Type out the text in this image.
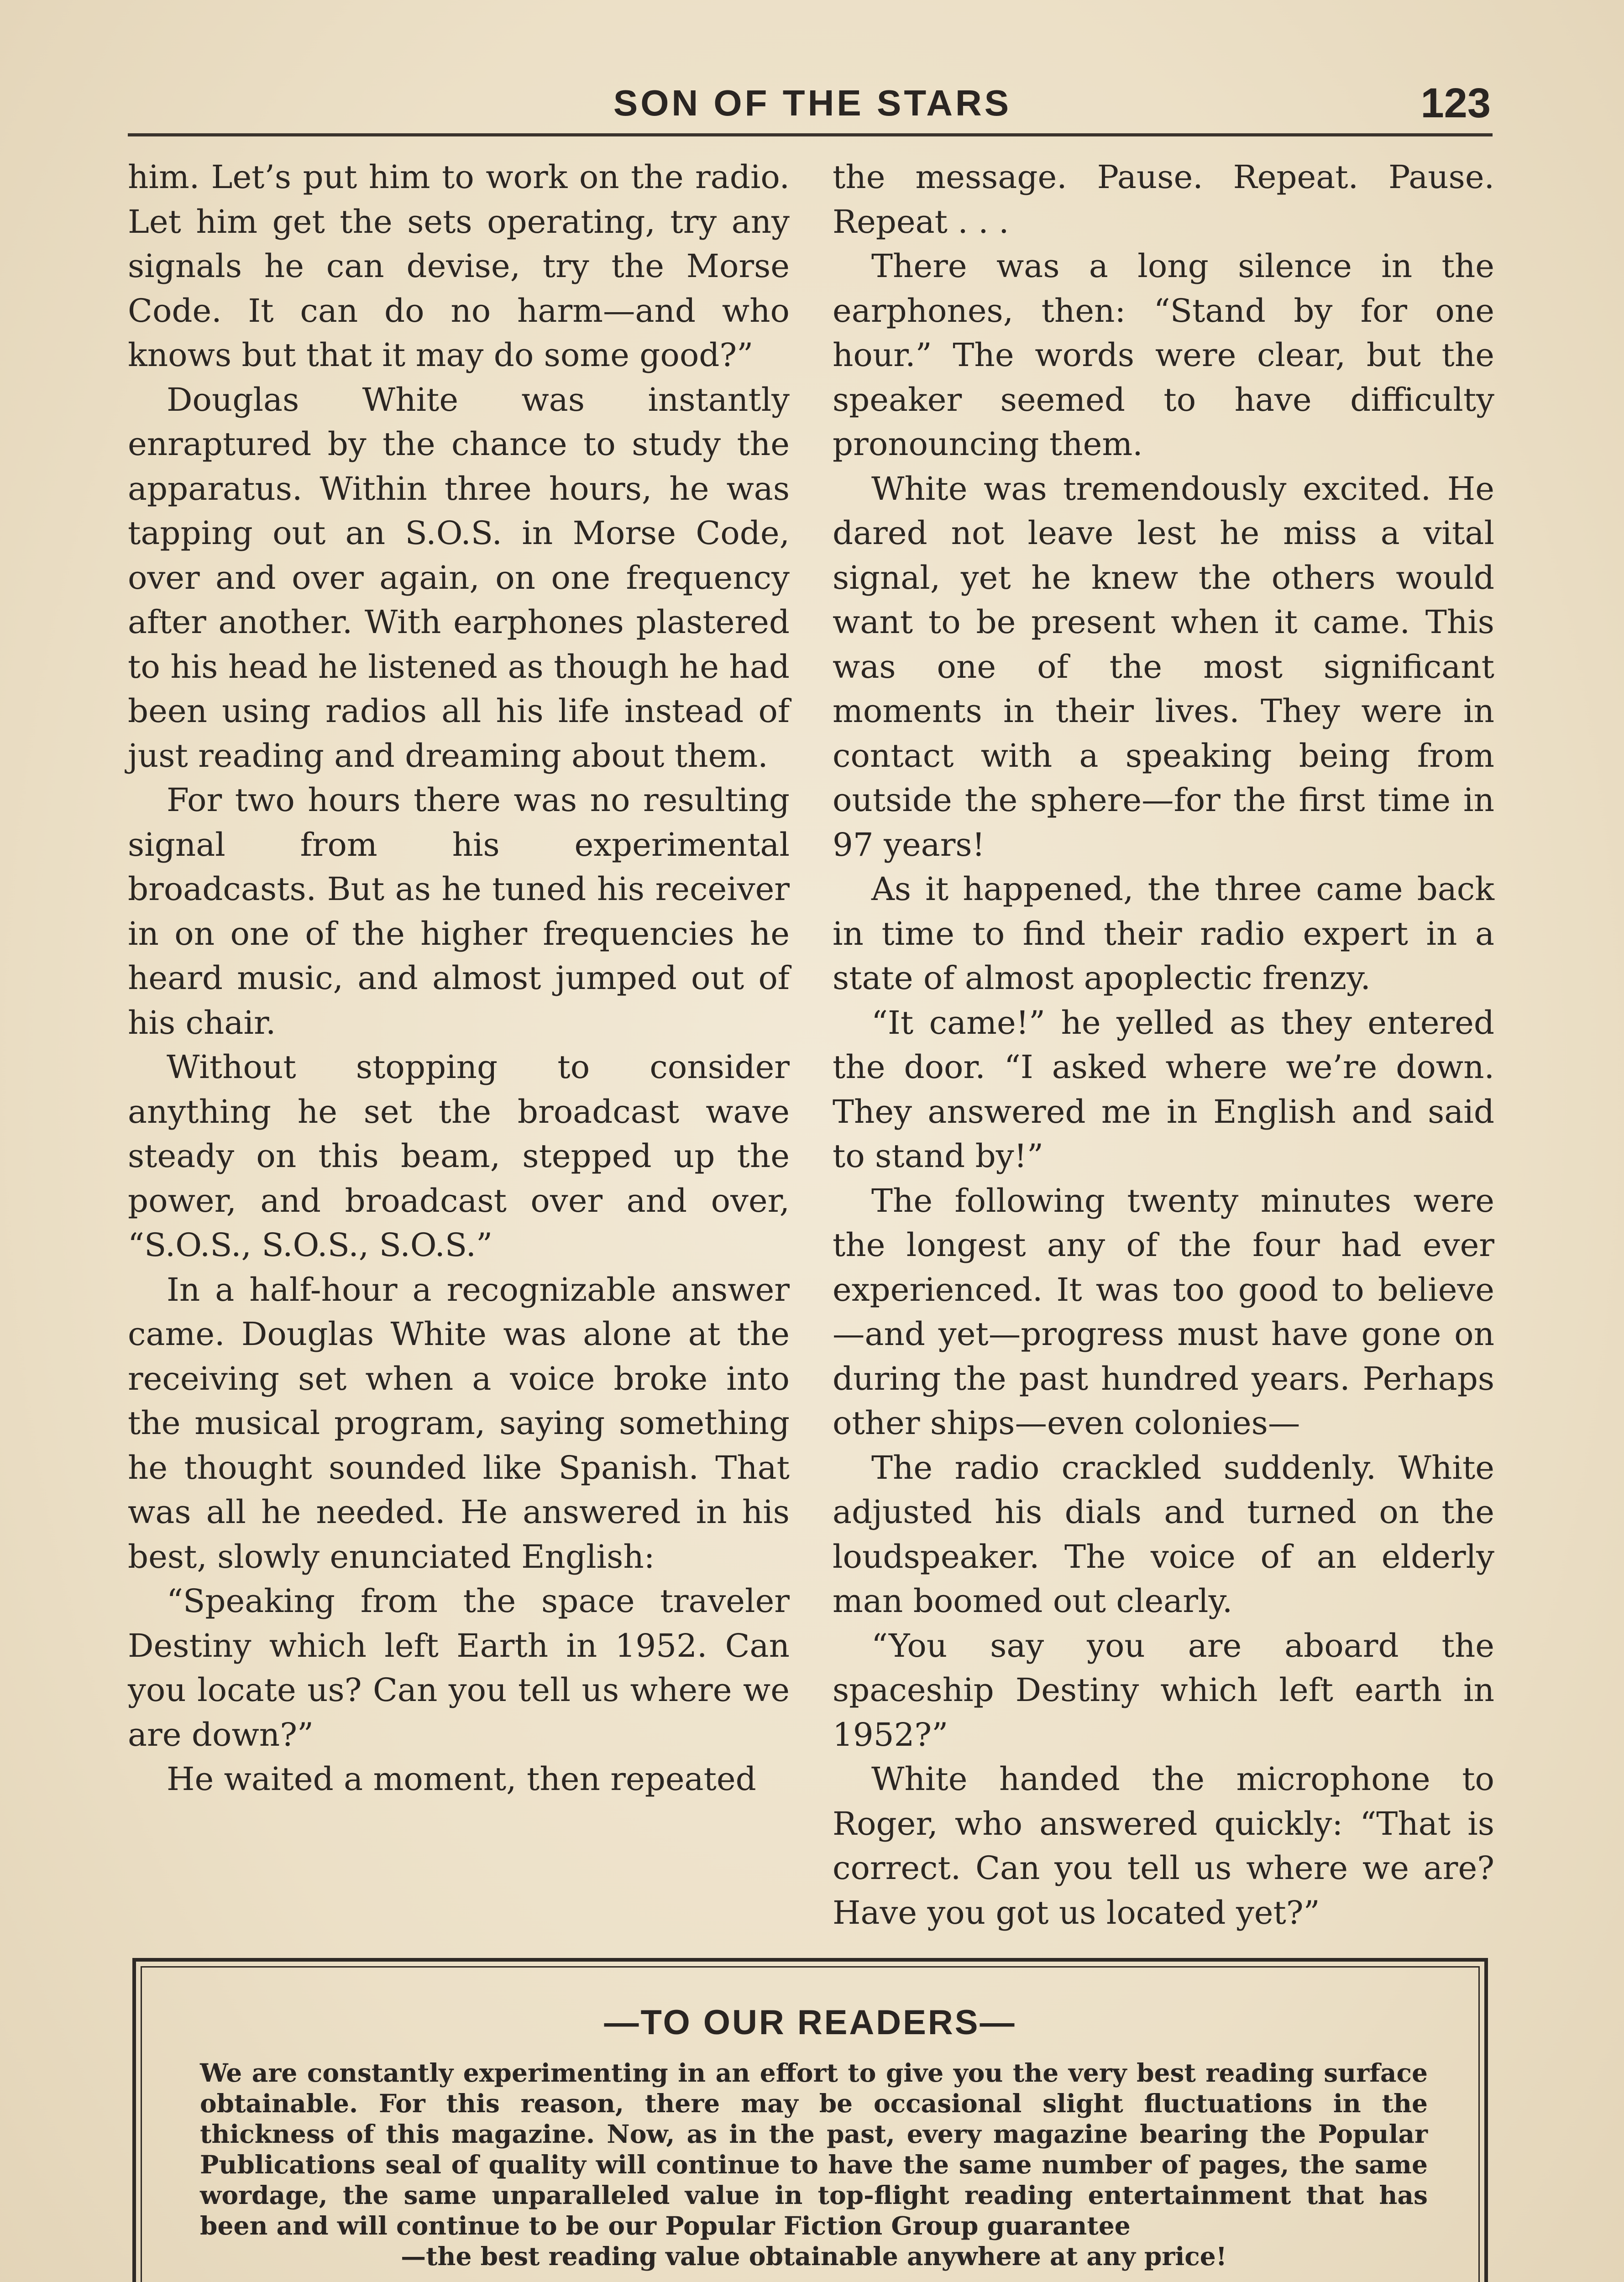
SON OF THE STARS	123

him. Let’s put him to work on the radio. Let him get the sets operating, try any signals he can devise, try the Morse Code. It can do no harm—and who knows but that it may do some good?”

Douglas White was instantly enraptured by the chance to study the apparatus. Within three hours, he was tapping out an S.O.S. in Morse Code, over and over again, on one frequency after another. With earphones plastered to his head he listened as though he had been using radios all his life instead of just reading and dreaming about them.

For two hours there was no resulting signal from his experimental broadcasts. But as he tuned his receiver in on one of the higher frequencies he heard music, and almost jumped out of his chair.

Without stopping to consider anything he set the broadcast wave steady on this beam, stepped up the power, and broadcast over and over, “S.O.S., S.O.S., S.O.S.”

In a half-hour a recognizable answer came. Douglas White was alone at the receiving set when a voice broke into the musical program, saying something he thought sounded like Spanish. That was all he needed. He answered in his best, slowly enunciated English:

“Speaking from the space traveler Destiny which left Earth in 1952. Can you locate us? Can you tell us where we are down?”

He waited a moment, then repeated

the message. Pause. Repeat. Pause. Repeat . . .

There was a long silence in the earphones, then: “Stand by for one hour.” The words were clear, but the speaker seemed to have difficulty pronouncing them.

White was tremendously excited. He dared not leave lest he miss a vital signal, yet he knew the others would want to be present when it came. This was one of the most significant moments in their lives. They were in contact with a speaking being from outside the sphere—for the first time in 97 years!

As it happened, the three came back in time to find their radio expert in a state of almost apoplectic frenzy.

“It came!” he yelled as they entered the door. “I asked where we’re down. They answered me in English and said to stand by!”

The following twenty minutes were the longest any of the four had ever experienced. It was too good to believe —and yet—progress must have gone on during the past hundred years. Perhaps other ships—even colonies—

The radio crackled suddenly. White adjusted his dials and turned on the loudspeaker. The voice of an elderly man boomed out clearly.

“You say you are aboard the spaceship Destiny which left earth in 1952?”

White handed the microphone to Roger, who answered quickly: “That is correct. Can you tell us where we are? Have you got us located yet?”

—TO OUR READERS—
We are constantly experimenting in an effort to give you the very best reading surface obtainable. For this reason, there may be occasional slight fluctuations in the thickness of this magazine. Now, as in the past, every magazine bearing the Popular Publications seal of quality will continue to have the same number of pages, the same wordage, the same unparalleled value in top-flight reading entertainment that has been and will continue to be our Popular Fiction Group guarantee
—the best reading value obtainable anywhere at any price!
